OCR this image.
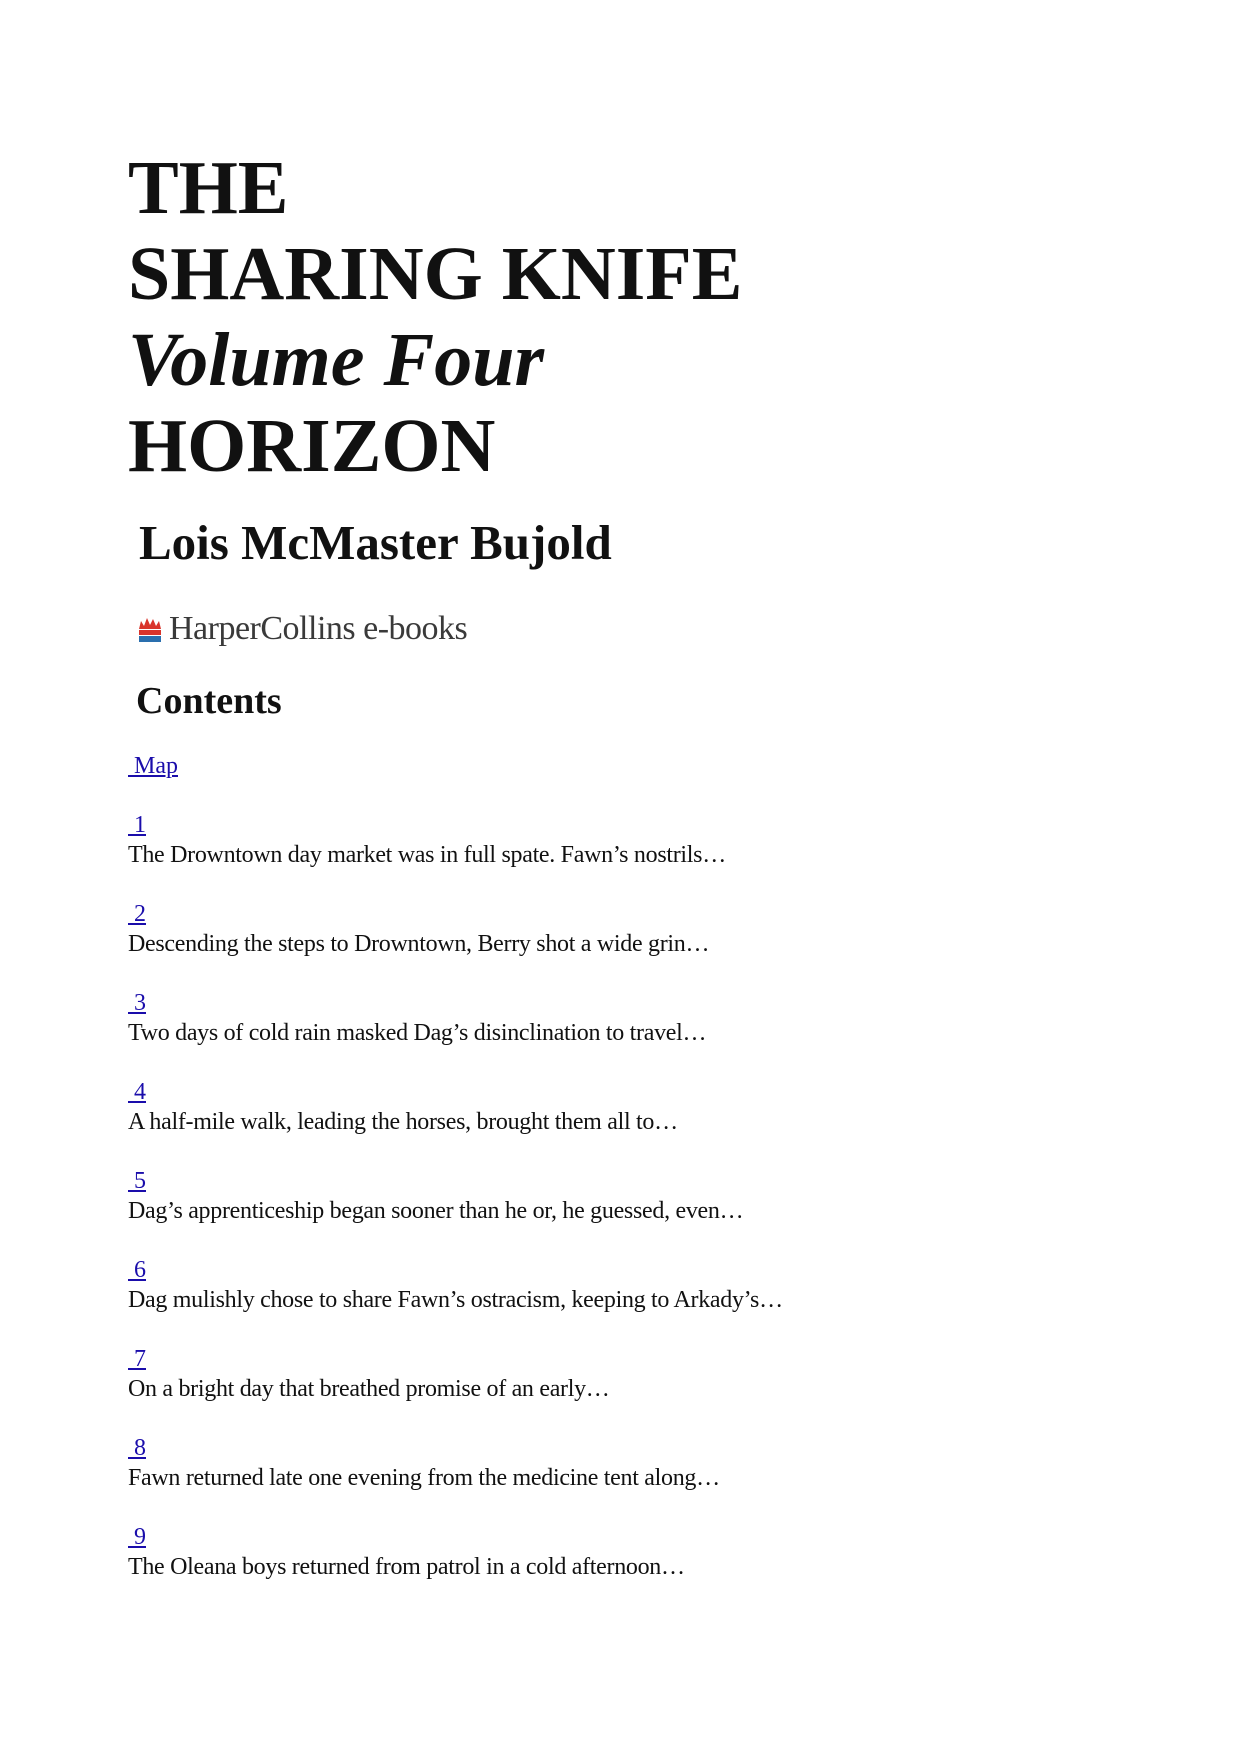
THE
SHARING KNIFE
Volume Four
HORIZON
Lois McMaster Bujold
HarperCollins e-books
Contents
Map
1
The Drowntown day market was in full spate. Fawn’s nostrils…
2
Descending the steps to Drowntown, Berry shot a wide grin…
3
Two days of cold rain masked Dag’s disinclination to travel…
4
A half-mile walk, leading the horses, brought them all to…
5
Dag’s apprenticeship began sooner than he or, he guessed, even…
6
Dag mulishly chose to share Fawn’s ostracism, keeping to Arkady’s…
7
On a bright day that breathed promise of an early…
8
Fawn returned late one evening from the medicine tent along…
9
The Oleana boys returned from patrol in a cold afternoon…
